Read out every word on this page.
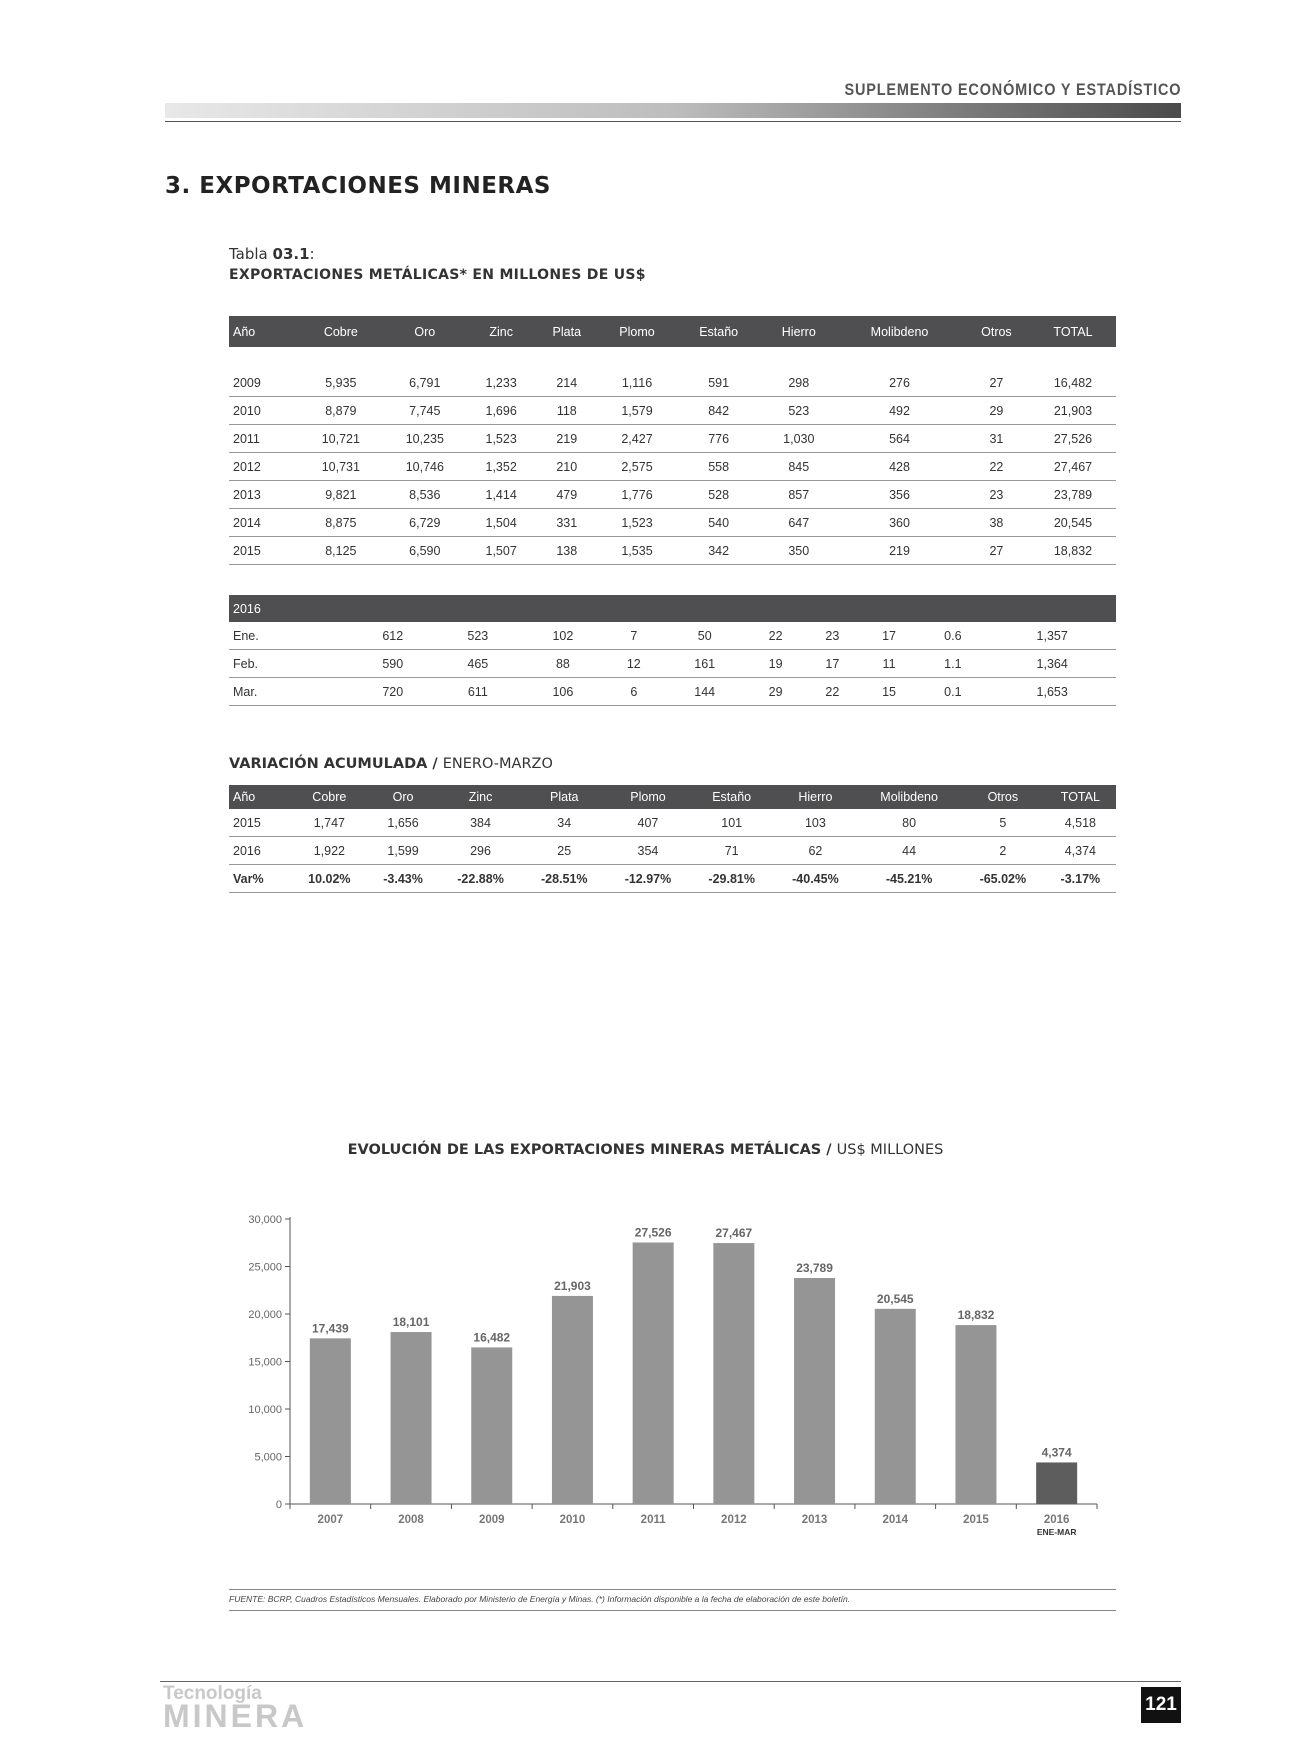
SUPLEMENTO ECONÓMICO Y ESTADÍSTICO
3. EXPORTACIONES MINERAS
Tabla 03.1:
EXPORTACIONES METÁLICAS* EN MILLONES DE US$
Año	Cobre	Oro	Zinc	Plata	Plomo	Estaño	Hierro	Molibdeno	Otros	TOTAL

2009	5,935	6,791	1,233	214	1,116	591	298	276	27	16,482
2010	8,879	7,745	1,696	118	1,579	842	523	492	29	21,903
2011	10,721	10,235	1,523	219	2,427	776	1,030	564	31	27,526
2012	10,731	10,746	1,352	210	2,575	558	845	428	22	27,467
2013	9,821	8,536	1,414	479	1,776	528	857	356	23	23,789
2014	8,875	6,729	1,504	331	1,523	540	647	360	38	20,545
2015	8,125	6,590	1,507	138	1,535	342	350	219	27	18,832
2016										
Ene.	612	523	102	7	50	22	23	17	0.6	1,357
Feb.	590	465	88	12	161	19	17	11	1.1	1,364
Mar.	720	611	106	6	144	29	22	15	0.1	1,653
VARIACIÓN ACUMULADA / ENERO-MARZO
Año	Cobre	Oro	Zinc	Plata	Plomo	Estaño	Hierro	Molibdeno	Otros	TOTAL
2015	1,747	1,656	384	34	407	101	103	80	5	4,518
2016	1,922	1,599	296	25	354	71	62	44	2	4,374
Var%	10.02%	-3.43%	-22.88%	-28.51%	-12.97%	-29.81%	-40.45%	-45.21%	-65.02%	-3.17%
EVOLUCIÓN DE LAS EXPORTACIONES MINERAS METÁLICAS / US$ MILLONES
0
5,000
10,000
15,000
20,000
25,000
30,000
17,439
2007
18,101
2008
16,482
2009
21,903
2010
27,526
2011
27,467
2012
23,789
2013
20,545
2014
18,832
2015
4,374
2016
ENE-MAR
FUENTE: BCRP, Cuadros Estadísticos Mensuales. Elaborado por Ministerio de Energía y Minas. (*) Información disponible a la fecha de elaboración de este boletín.
Tecnología
MINERA	121
